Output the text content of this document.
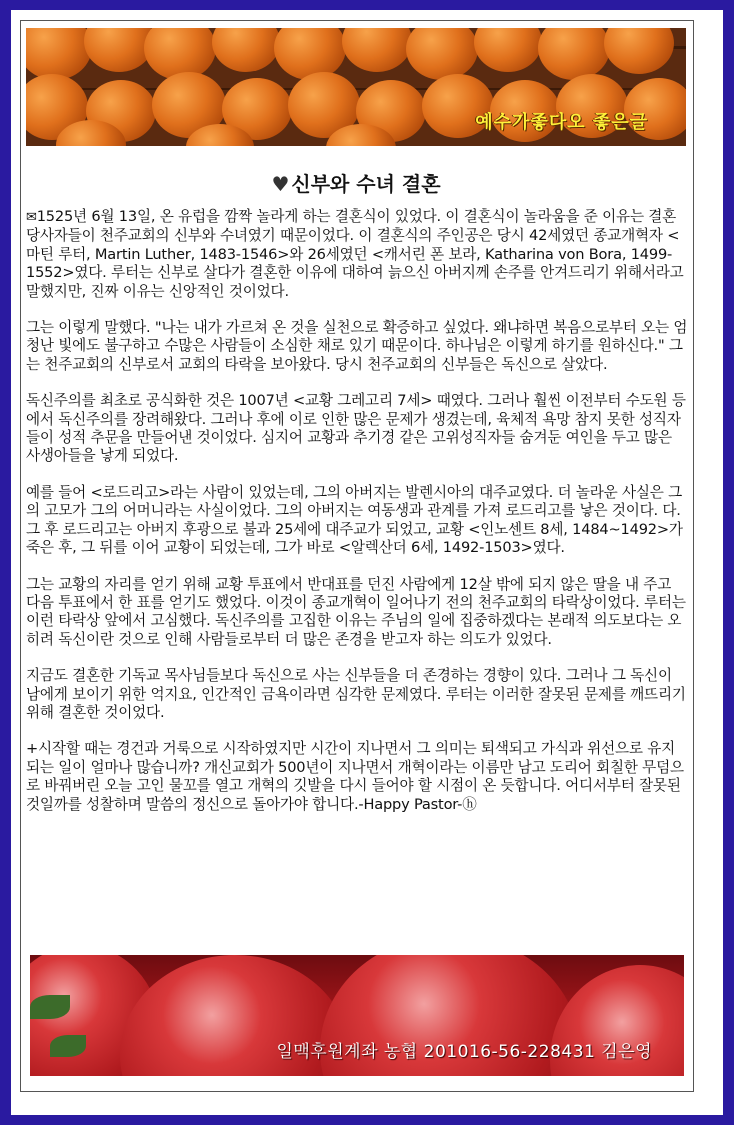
예수가좋다오 좋은글
♥ 신부와 수녀 결혼

✉1525년 6월 13일, 온 유럽을 깜짝 놀라게 하는 결혼식이 있었다. 이 결혼식이 놀라움을 준 이유는 결혼 당사자들이 천주교회의 신부와 수녀였기 때문이었다. 이 결혼식의 주인공은 당시 42세였던 종교개혁자 <마틴 루터, Martin Luther, 1483-1546>와 26세였던 <캐서린 폰 보라, Katharina von Bora, 1499-1552>였다. 루터는 신부로 살다가 결혼한 이유에 대하여 늙으신 아버지께 손주를 안겨드리기 위해서라고 말했지만, 진짜 이유는 신앙적인 것이었다.

그는 이렇게 말했다. "나는 내가 가르쳐 온 것을 실천으로 확증하고 싶었다. 왜냐하면 복음으로부터 오는 엄청난 빛에도 불구하고 수많은 사람들이 소심한 채로 있기 때문이다. 하나님은 이렇게 하기를 원하신다." 그는 천주교회의 신부로서 교회의 타락을 보아왔다. 당시 천주교회의 신부들은 독신으로 살았다.

독신주의를 최초로 공식화한 것은 1007년 <교황 그레고리 7세> 때였다. 그러나 훨씬 이전부터 수도원 등에서 독신주의를 장려해왔다. 그러나 후에 이로 인한 많은 문제가 생겼는데, 육체적 욕망 참지 못한 성직자들이 성적 추문을 만들어낸 것이었다. 심지어 교황과 추기경 같은 고위성직자들 숨겨둔 여인을 두고 많은 사생아들을 낳게 되었다.

예를 들어 <로드리고>라는 사람이 있었는데, 그의 아버지는 발렌시아의 대주교였다. 더 놀라운 사실은 그의 고모가 그의 어머니라는 사실이었다. 그의 아버지는 여동생과 관계를 가져 로드리고를 낳은 것이다. 다. 그 후 로드리고는 아버지 후광으로 불과 25세에 대주교가 되었고, 교황 <인노센트 8세, 1484~1492>가 죽은 후, 그 뒤를 이어 교황이 되었는데, 그가 바로 <알렉산더 6세, 1492-1503>였다.

그는 교황의 자리를 얻기 위해 교황 투표에서 반대표를 던진 사람에게 12살 밖에 되지 않은 딸을 내 주고 다음 투표에서 한 표를 얻기도 했었다. 이것이 종교개혁이 일어나기 전의 천주교회의 타락상이었다. 루터는 이런 타락상 앞에서 고심했다. 독신주의를 고집한 이유는 주님의 일에 집중하겠다는 본래적 의도보다는 오히려 독신이란 것으로 인해 사람들로부터 더 많은 존경을 받고자 하는 의도가 있었다.

지금도 결혼한 기독교 목사님들보다 독신으로 사는 신부들을 더 존경하는 경향이 있다. 그러나 그 독신이 남에게 보이기 위한 억지요, 인간적인 금욕이라면 심각한 문제였다. 루터는 이러한 잘못된 문제를 깨뜨리기 위해 결혼한 것이었다.

+시작할 때는 경건과 거룩으로 시작하였지만 시간이 지나면서 그 의미는 퇴색되고 가식과 위선으로 유지되는 일이 얼마나 많습니까? 개신교회가 500년이 지나면서 개혁이라는 이름만 남고 도리어 회칠한 무덤으로 바꿔버린 오늘 고인 물꼬를 열고 개혁의 깃발을 다시 들어야 할 시점이 온 듯합니다. 어디서부터 잘못된 것일까를 성찰하며 말씀의 정신으로 돌아가야 합니다.-Happy Pastor-ⓗ

일맥후원계좌 농협 201016-56-228431 김은영
